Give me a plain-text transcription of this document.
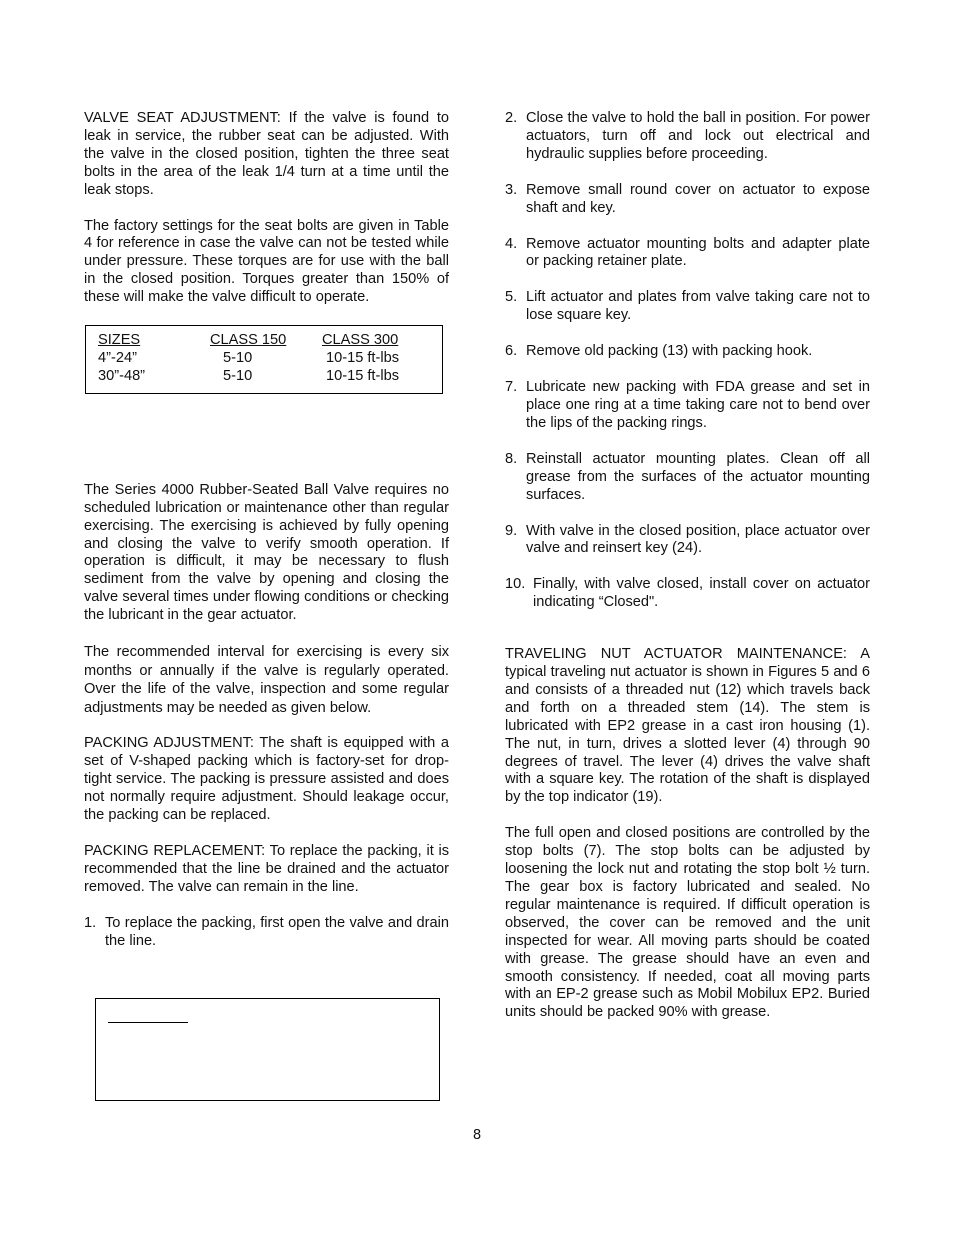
VALVE SEAT ADJUSTMENT: If the valve is found to leak in service, the rubber seat can be adjusted. With the valve in the closed position, tighten the three seat bolts in the area of the leak 1/4 turn at a time until the leak stops.

The factory settings for the seat bolts are given in Table 4 for reference in case the valve can not be tested while under pressure. These torques are for use with the ball in the closed position. Torques greater than 150% of these will make the valve difficult to operate.

SIZES	CLASS 150	CLASS 300
4”-24”	5-10	10-15 ft-lbs
30”-48”	5-10	10-15 ft-lbs

The Series 4000 Rubber-Seated Ball Valve requires no scheduled lubrication or maintenance other than regular exercising. The exercising is achieved by fully opening and closing the valve to verify smooth operation. If operation is difficult, it may be necessary to flush sediment from the valve by opening and closing the valve several times under flowing conditions or checking the lubricant in the gear actuator.

The recommended interval for exercising is every six months or annually if the valve is regularly operated. Over the life of the valve, inspection and some regular adjustments may be needed as given below.

PACKING ADJUSTMENT: The shaft is equipped with a set of V-shaped packing which is factory-set for drop-tight service. The packing is pressure assisted and does not normally require adjustment. Should leakage occur, the packing can be replaced.

PACKING REPLACEMENT: To replace the packing, it is recommended that the line be drained and the actuator removed. The valve can remain in the line.

1. To replace the packing, first open the valve and drain the line.
2. Close the valve to hold the ball in position. For power actuators, turn off and lock out electrical and hydraulic supplies before proceeding.
3. Remove small round cover on actuator to expose shaft and key.
4. Remove actuator mounting bolts and adapter plate or packing retainer plate.
5. Lift actuator and plates from valve taking care not to lose square key.
6. Remove old packing (13) with packing hook.
7. Lubricate new packing with FDA grease and set in place one ring at a time taking care not to bend over the lips of the packing rings.
8. Reinstall actuator mounting plates. Clean off all grease from the surfaces of the actuator mounting surfaces.
9. With valve in the closed position, place actuator over valve and reinsert key (24).
10. Finally, with valve closed, install cover on actuator indicating “Closed".

TRAVELING NUT ACTUATOR MAINTENANCE: A typical traveling nut actuator is shown in Figures 5 and 6 and consists of a threaded nut (12) which travels back and forth on a threaded stem (14). The stem is lubricated with EP2 grease in a cast iron housing (1). The nut, in turn, drives a slotted lever (4) through 90 degrees of travel. The lever (4) drives the valve shaft with a square key. The rotation of the shaft is displayed by the top indicator (19).

The full open and closed positions are controlled by the stop bolts (7). The stop bolts can be adjusted by loosening the lock nut and rotating the stop bolt ½ turn. The gear box is factory lubricated and sealed. No regular maintenance is required. If difficult operation is observed, the cover can be removed and the unit inspected for wear. All moving parts should be coated with grease. The grease should have an even and smooth consistency. If needed, coat all moving parts with an EP-2 grease such as Mobil Mobilux EP2. Buried units should be packed 90% with grease.

8
